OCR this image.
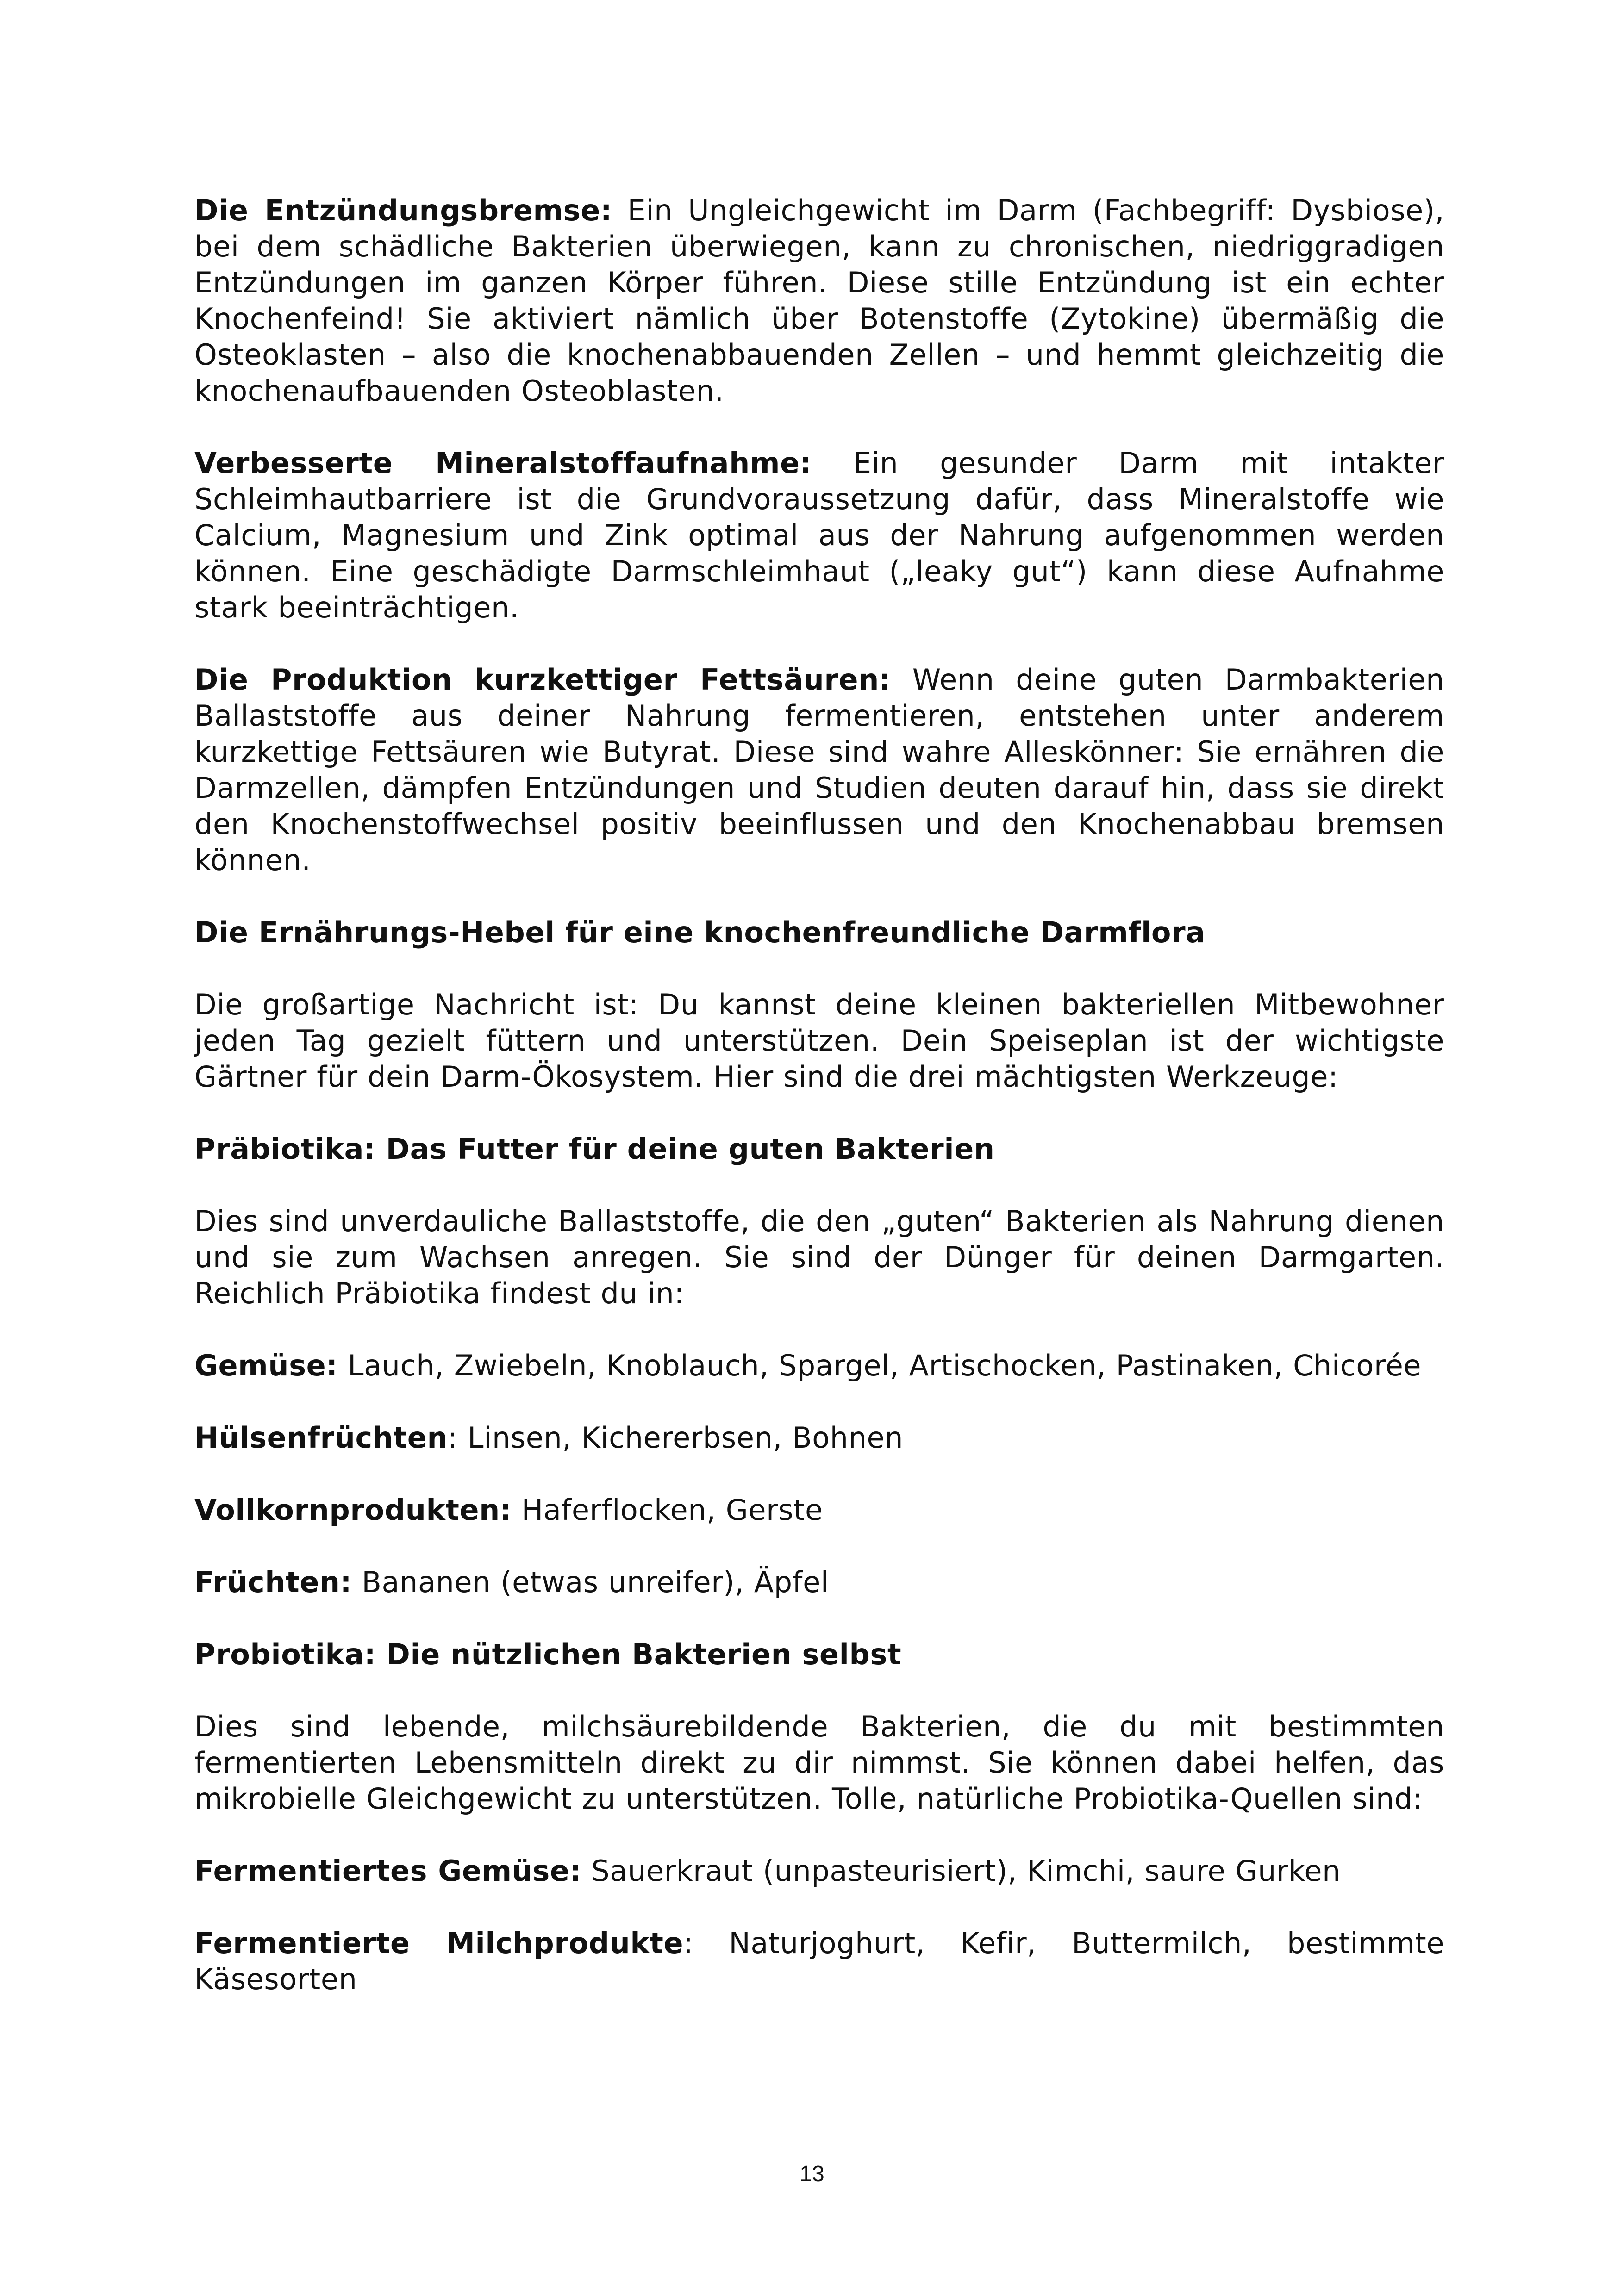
Die Entzündungsbremse: Ein Ungleichgewicht im Darm (Fachbegriff: Dysbiose), bei dem schädliche Bakterien überwiegen, kann zu chronischen, niedriggradigen Entzündungen im ganzen Körper führen. Diese stille Entzündung ist ein echter Knochenfeind! Sie aktiviert nämlich über Botenstoffe (Zytokine) übermäßig die Osteoklasten – also die knochenabbauenden Zellen – und hemmt gleichzeitig die knochenaufbauenden Osteoblasten.

Verbesserte Mineralstoffaufnahme: Ein gesunder Darm mit intakter Schleimhautbarriere ist die Grundvoraussetzung dafür, dass Mineralstoffe wie Calcium, Magnesium und Zink optimal aus der Nahrung aufgenommen werden können. Eine geschädigte Darmschleimhaut („leaky gut“) kann diese Aufnahme stark beeinträchtigen.

Die Produktion kurzkettiger Fettsäuren: Wenn deine guten Darmbakterien Ballaststoffe aus deiner Nahrung fermentieren, entstehen unter anderem kurzkettige Fettsäuren wie Butyrat. Diese sind wahre Alleskönner: Sie ernähren die Darmzellen, dämpfen Entzündungen und Studien deuten darauf hin, dass sie direkt den Knochenstoffwechsel positiv beeinflussen und den Knochenabbau bremsen können.

Die Ernährungs-Hebel für eine knochenfreundliche Darmflora

Die großartige Nachricht ist: Du kannst deine kleinen bakteriellen Mitbewohner jeden Tag gezielt füttern und unterstützen. Dein Speiseplan ist der wichtigste Gärtner für dein Darm-Ökosystem. Hier sind die drei mächtigsten Werkzeuge:

Präbiotika: Das Futter für deine guten Bakterien

Dies sind unverdauliche Ballaststoffe, die den „guten“ Bakterien als Nahrung dienen und sie zum Wachsen anregen. Sie sind der Dünger für deinen Darmgarten. Reichlich Präbiotika findest du in:

Gemüse: Lauch, Zwiebeln, Knoblauch, Spargel, Artischocken, Pastinaken, Chicorée

Hülsenfrüchten: Linsen, Kichererbsen, Bohnen

Vollkornprodukten: Haferflocken, Gerste

Früchten: Bananen (etwas unreifer), Äpfel

Probiotika: Die nützlichen Bakterien selbst

Dies sind lebende, milchsäurebildende Bakterien, die du mit bestimmten fermentierten Lebensmitteln direkt zu dir nimmst. Sie können dabei helfen, das mikrobielle Gleichgewicht zu unterstützen. Tolle, natürliche Probiotika-Quellen sind:

Fermentiertes Gemüse: Sauerkraut (unpasteurisiert), Kimchi, saure Gurken

Fermentierte Milchprodukte: Naturjoghurt, Kefir, Buttermilch, bestimmte Käsesorten

13
